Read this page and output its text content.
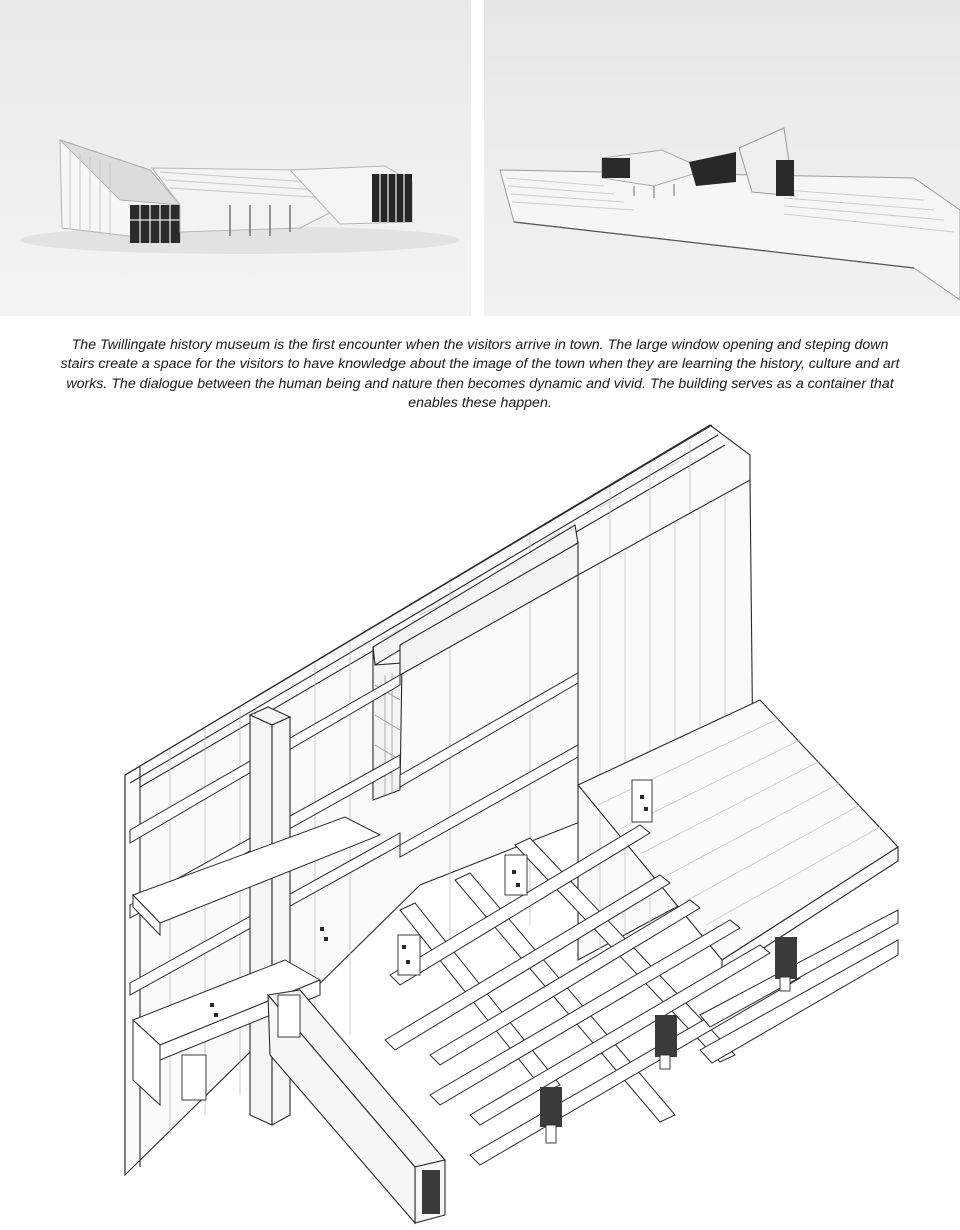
The Twillingate history museum is the first encounter when the visitors arrive in town. The large window opening and steping down stairs create a space for the visitors to have knowledge about the image of the town when they are learning the history, culture and art works. The dialogue between the human being and nature then becomes dynamic and vivid. The building serves as a container that enables these happen.
